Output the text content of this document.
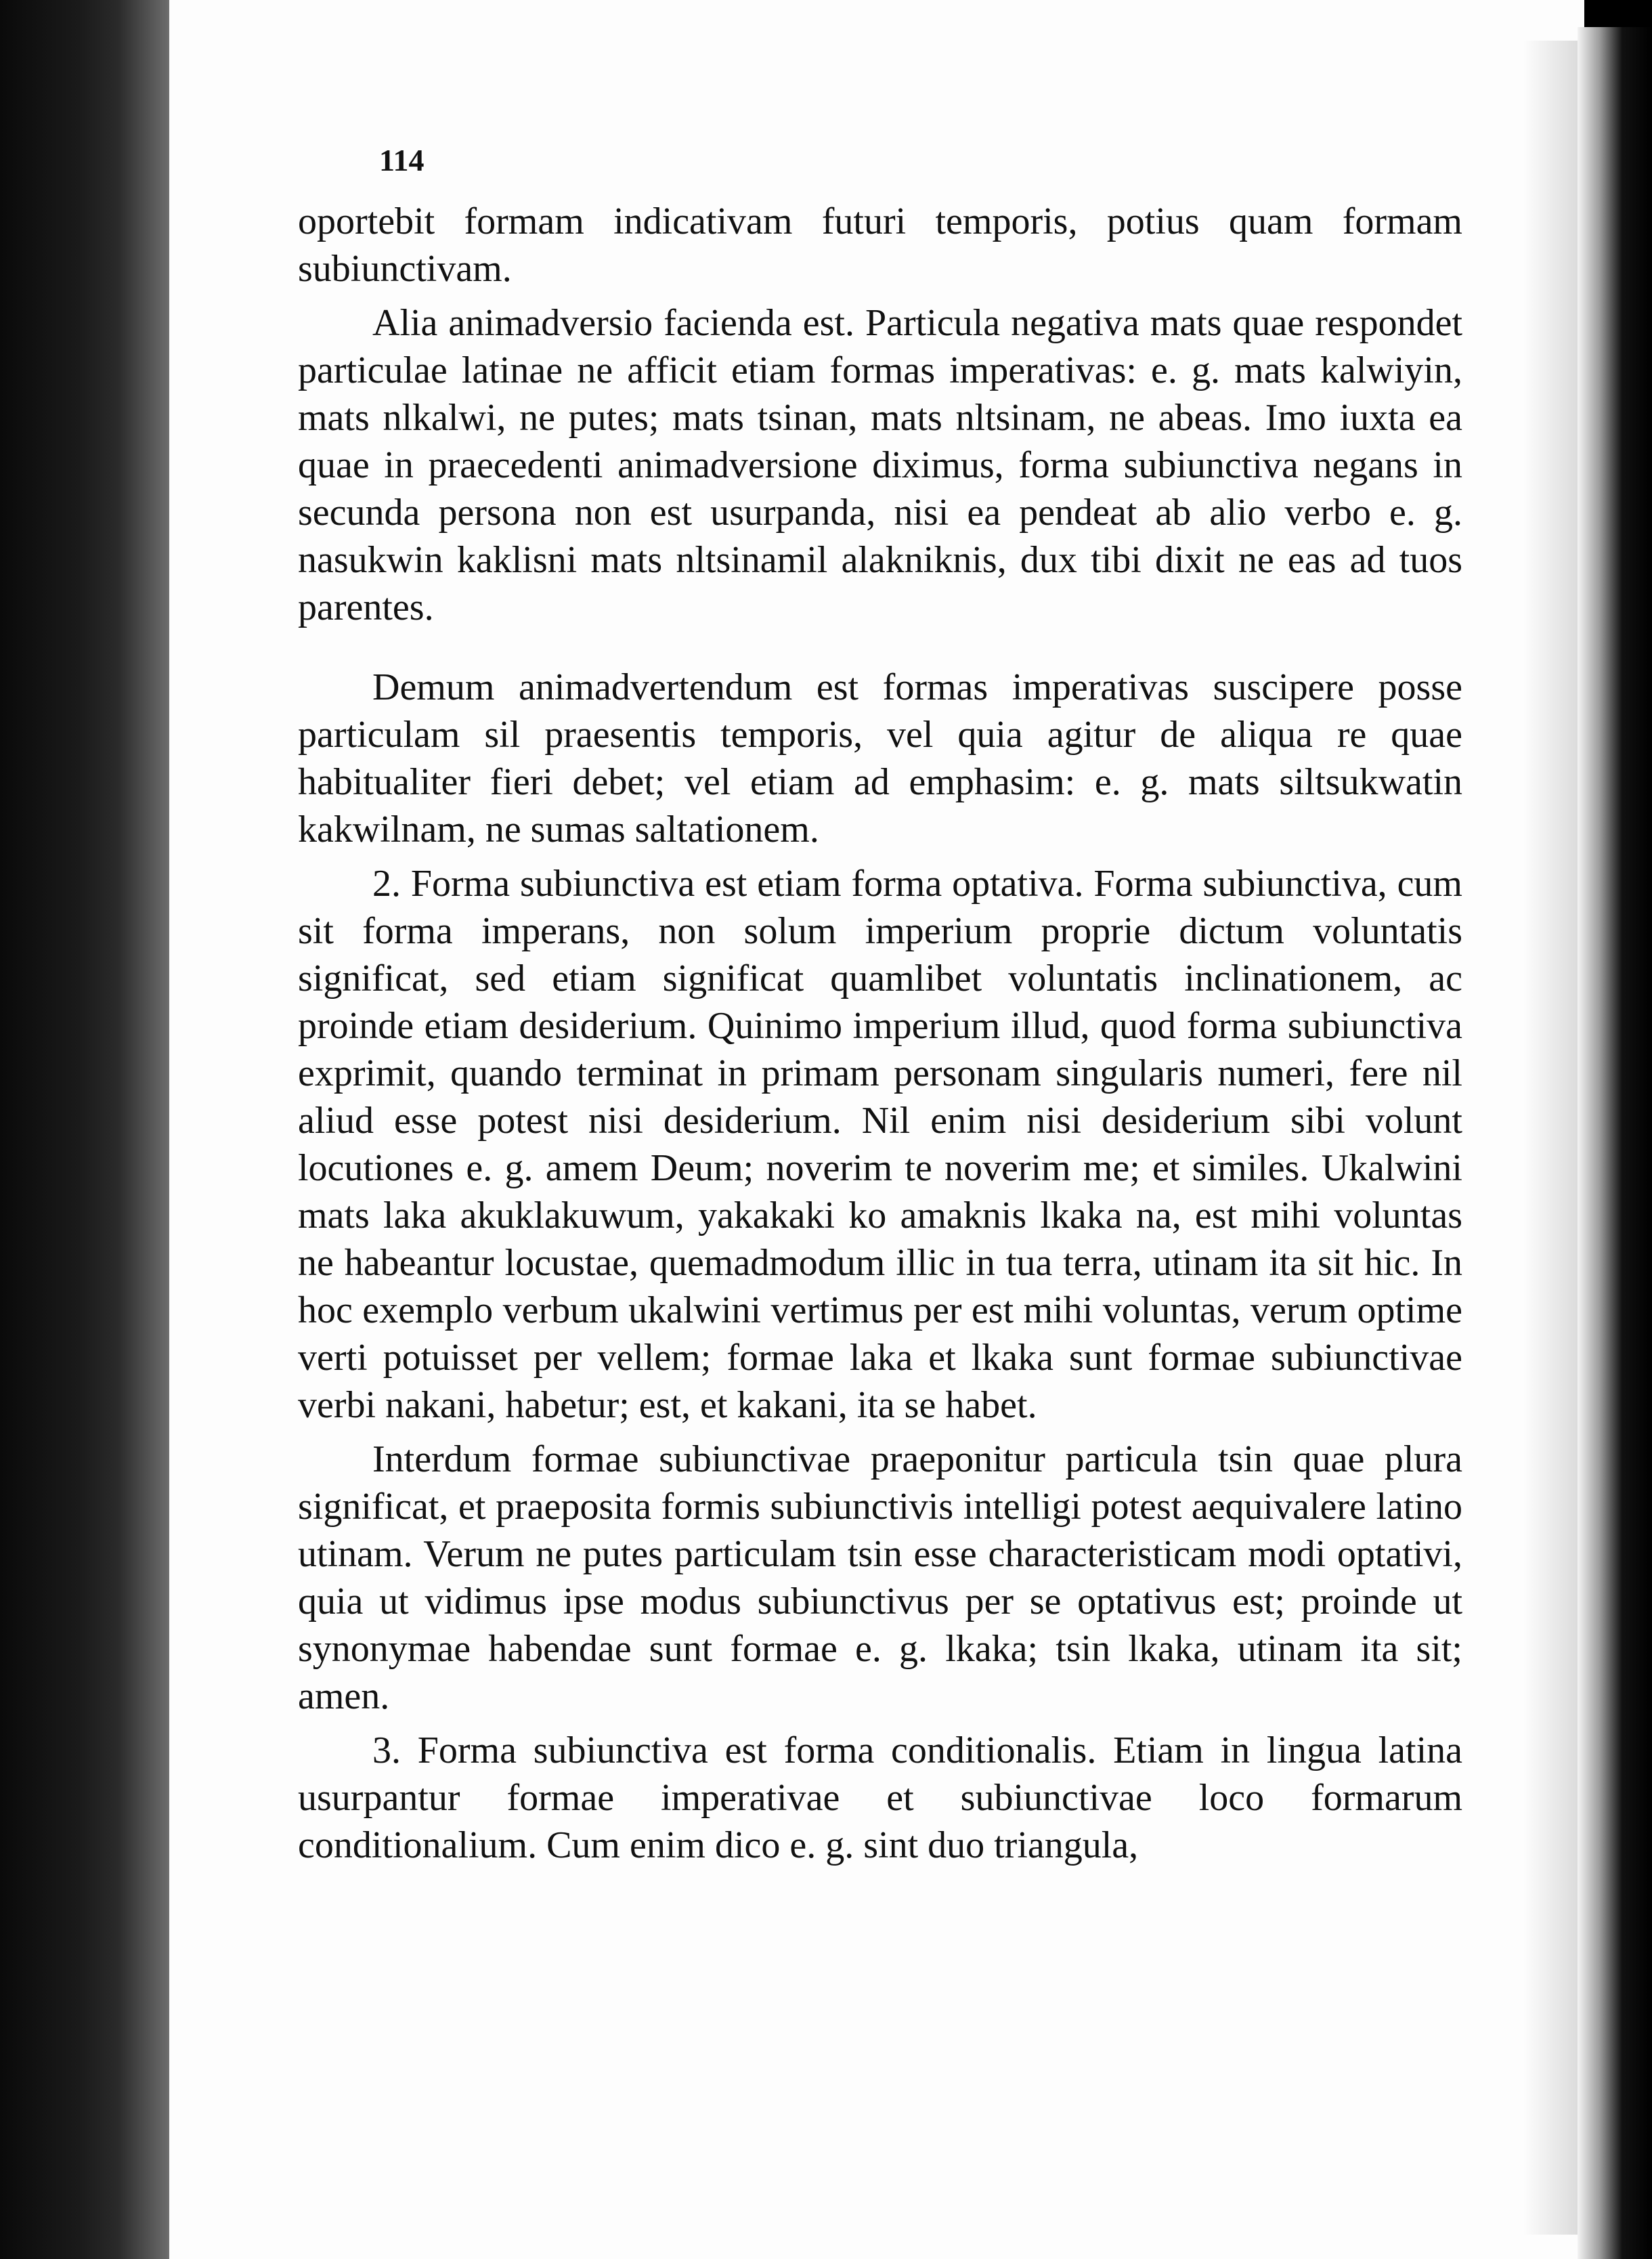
114

oportebit formam indicativam futuri temporis, potius quam formam subiunctivam.

Alia animadversio facienda est. Particula negativa mats quae respondet particulae latinae ne afficit etiam formas imperativas: e. g. mats kalwiyin, mats nlkalwi, ne putes; mats tsinan, mats nltsinam, ne abeas. Imo iuxta ea quae in praecedenti animadversione diximus, forma subiunctiva negans in secunda persona non est usurpanda, nisi ea pendeat ab alio verbo e. g. nasukwin kaklisni mats nltsinamil alakniknis, dux tibi dixit ne eas ad tuos parentes.

Demum animadvertendum est formas imperativas suscipere posse particulam sil praesentis temporis, vel quia agitur de aliqua re quae habitualiter fieri debet; vel etiam ad emphasim: e. g. mats siltsukwatin kakwilnam, ne sumas saltationem.

2. Forma subiunctiva est etiam forma optativa. Forma subiunctiva, cum sit forma imperans, non solum imperium proprie dictum voluntatis significat, sed etiam significat quamlibet voluntatis inclinationem, ac proinde etiam desiderium. Quinimo imperium illud, quod forma subiunctiva exprimit, quando terminat in primam personam singularis numeri, fere nil aliud esse potest nisi desiderium. Nil enim nisi desiderium sibi volunt locutiones e. g. amem Deum; noverim te noverim me; et similes. Ukalwini mats laka akuklakuwum, yakakaki ko amaknis lkaka na, est mihi voluntas ne habeantur locustae, quemadmodum illic in tua terra, utinam ita sit hic. In hoc exemplo verbum ukalwini vertimus per est mihi voluntas, verum optime verti potuisset per vellem; formae laka et lkaka sunt formae subiunctivae verbi nakani, habetur; est, et kakani, ita se habet.

Interdum formae subiunctivae praeponitur particula tsin quae plura significat, et praeposita formis subiunctivis intelligi potest aequivalere latino utinam. Verum ne putes particulam tsin esse characteristicam modi optativi, quia ut vidimus ipse modus subiunctivus per se optativus est; proinde ut synonymae habendae sunt formae e. g. lkaka; tsin lkaka, utinam ita sit; amen.

3. Forma subiunctiva est forma conditionalis. Etiam in lingua latina usurpantur formae imperativae et subiunctivae loco formarum conditionalium. Cum enim dico e. g. sint duo triangula,
